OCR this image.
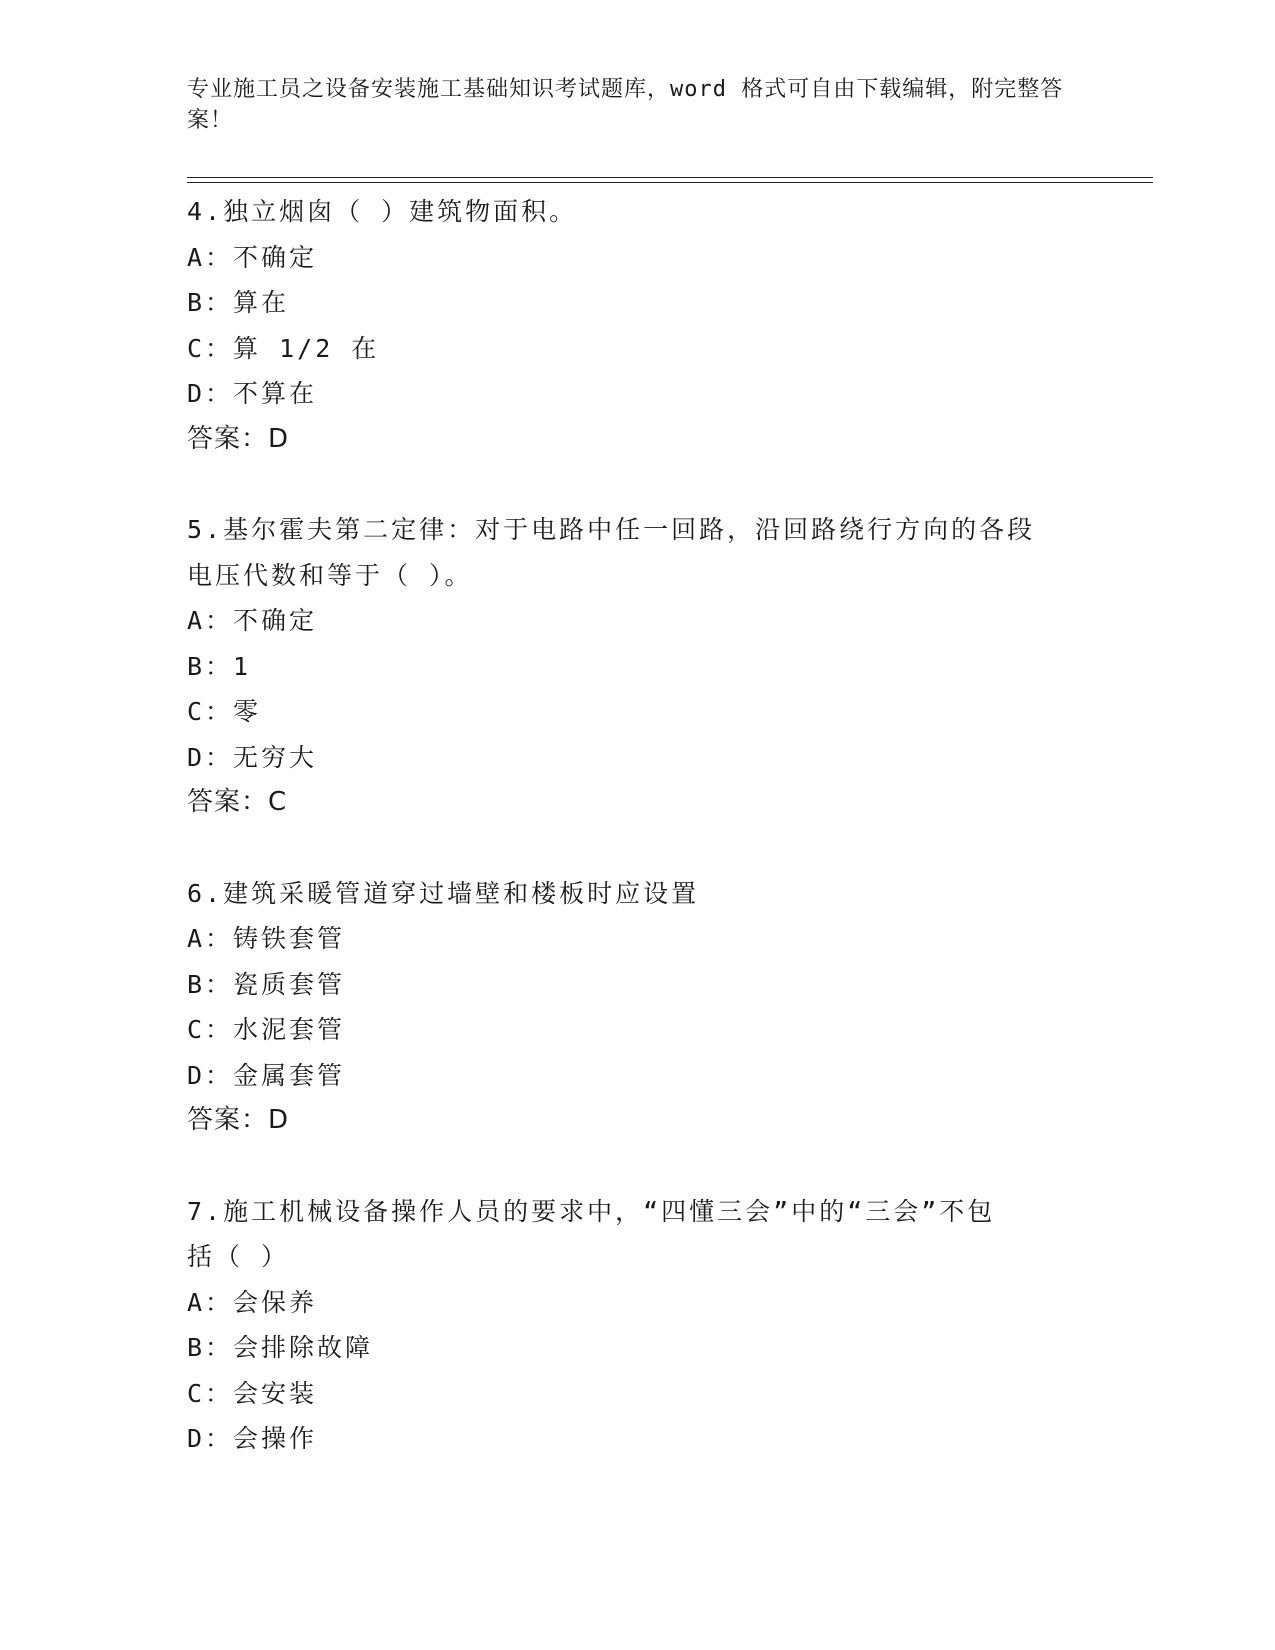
专业施工员之设备安装施工基础知识考试题库，word 格式可自由下载编辑，附完整答案！
4.独立烟囱（ ）建筑物面积。
A：不确定
B：算在
C：算 1/2 在
D：不算在
答案：D
5.基尔霍夫第二定律：对于电路中任一回路，沿回路绕行方向的各段
电压代数和等于（ ）。
A：不确定
B：1
C：零
D：无穷大
答案：C
6.建筑采暖管道穿过墙壁和楼板时应设置
A：铸铁套管
B：瓷质套管
C：水泥套管
D：金属套管
答案：D
7.施工机械设备操作人员的要求中，“四懂三会”中的“三会”不包
括（ ）
A：会保养
B：会排除故障
C：会安装
D：会操作
